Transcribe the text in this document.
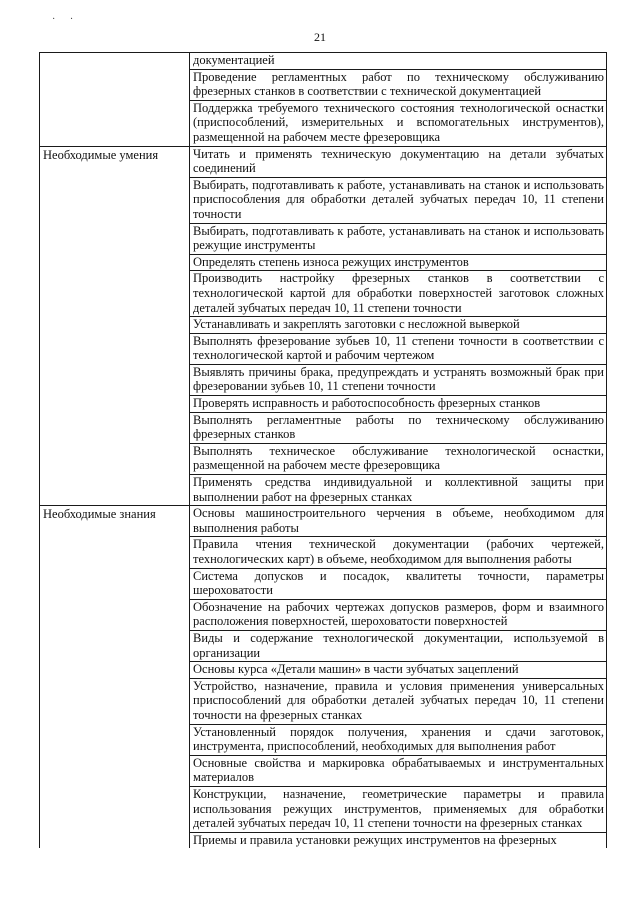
· ·
21
	документацией
	Проведение регламентных работ по техническому обслуживанию фрезерных станков в соответствии с технической документацией
	Поддержка требуемого технического состояния технологической оснастки (приспособлений, измерительных и вспомогательных инструментов), размещенной на рабочем месте фрезеровщика
Необходимые умения	Читать и применять техническую документацию на детали зубчатых соединений
	Выбирать, подготавливать к работе, устанавливать на станок и использовать приспособления для обработки деталей зубчатых передач 10, 11 степени точности
	Выбирать, подготавливать к работе, устанавливать на станок и использовать режущие инструменты
	Определять степень износа режущих инструментов
	Производить настройку фрезерных станков в соответствии с технологической картой для обработки поверхностей заготовок сложных деталей зубчатых передач 10, 11 степени точности
	Устанавливать и закреплять заготовки с несложной выверкой
	Выполнять фрезерование зубьев 10, 11 степени точности в соответствии с технологической картой и рабочим чертежом
	Выявлять причины брака, предупреждать и устранять возможный брак при фрезеровании зубьев 10, 11 степени точности
	Проверять исправность и работоспособность фрезерных станков
	Выполнять регламентные работы по техническому обслуживанию фрезерных станков
	Выполнять техническое обслуживание технологической оснастки, размещенной на рабочем месте фрезеровщика
	Применять средства индивидуальной и коллективной защиты при выполнении работ на фрезерных станках
Необходимые знания	Основы машиностроительного черчения в объеме, необходимом для выполнения работы
	Правила чтения технической документации (рабочих чертежей, технологических карт) в объеме, необходимом для выполнения работы
	Система допусков и посадок, квалитеты точности, параметры шероховатости
	Обозначение на рабочих чертежах допусков размеров, форм и взаимного расположения поверхностей, шероховатости поверхностей
	Виды и содержание технологической документации, используемой в организации
	Основы курса «Детали машин» в части зубчатых зацеплений
	Устройство, назначение, правила и условия применения универсальных приспособлений для обработки деталей зубчатых передач 10, 11 степени точности на фрезерных станках
	Установленный порядок получения, хранения и сдачи заготовок, инструмента, приспособлений, необходимых для выполнения работ
	Основные свойства и маркировка обрабатываемых и инструментальных материалов
	Конструкции, назначение, геометрические параметры и правила использования режущих инструментов, применяемых для обработки деталей зубчатых передач 10, 11 степени точности на фрезерных станках
	Приемы и правила установки режущих инструментов на фрезерных
